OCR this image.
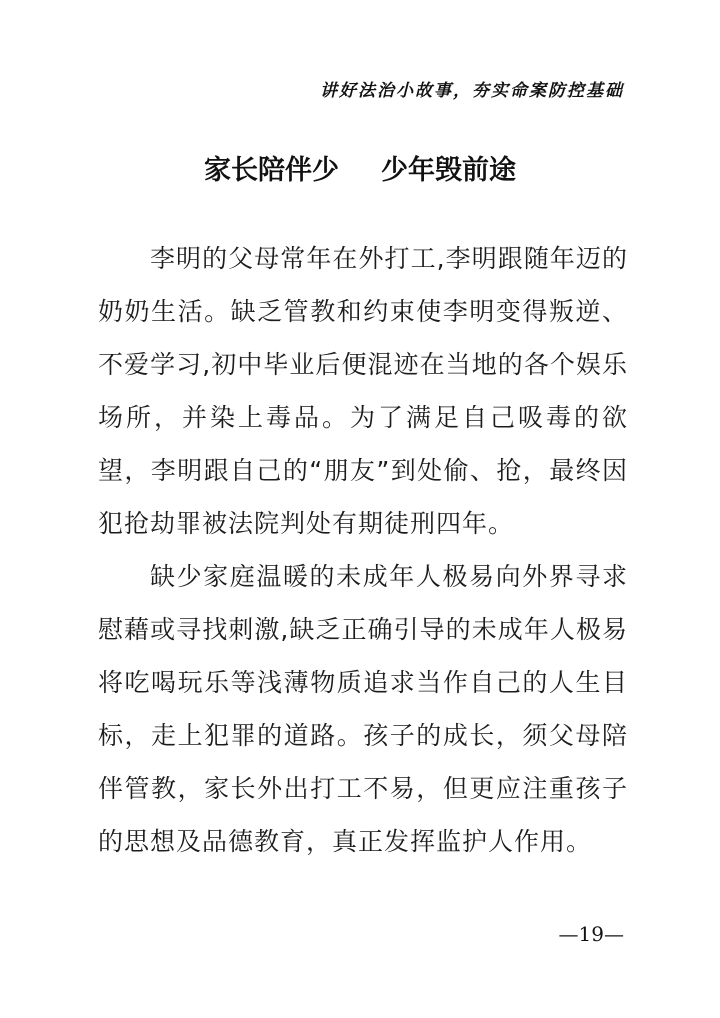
讲好法治小故事，夯实命案防控基础
家长陪伴少 少年毁前途

李明的父母常年在外打工,李明跟随年迈的奶奶生活。缺乏管教和约束使李明变得叛逆、不爱学习,初中毕业后便混迹在当地的各个娱乐场所，并染上毒品。为了满足自己吸毒的欲望，李明跟自己的“朋友”到处偷、抢，最终因犯抢劫罪被法院判处有期徒刑四年。

缺少家庭温暖的未成年人极易向外界寻求慰藉或寻找刺激,缺乏正确引导的未成年人极易将吃喝玩乐等浅薄物质追求当作自己的人生目标，走上犯罪的道路。孩子的成长，须父母陪伴管教，家长外出打工不易，但更应注重孩子的思想及品德教育，真正发挥监护人作用。

—19—
